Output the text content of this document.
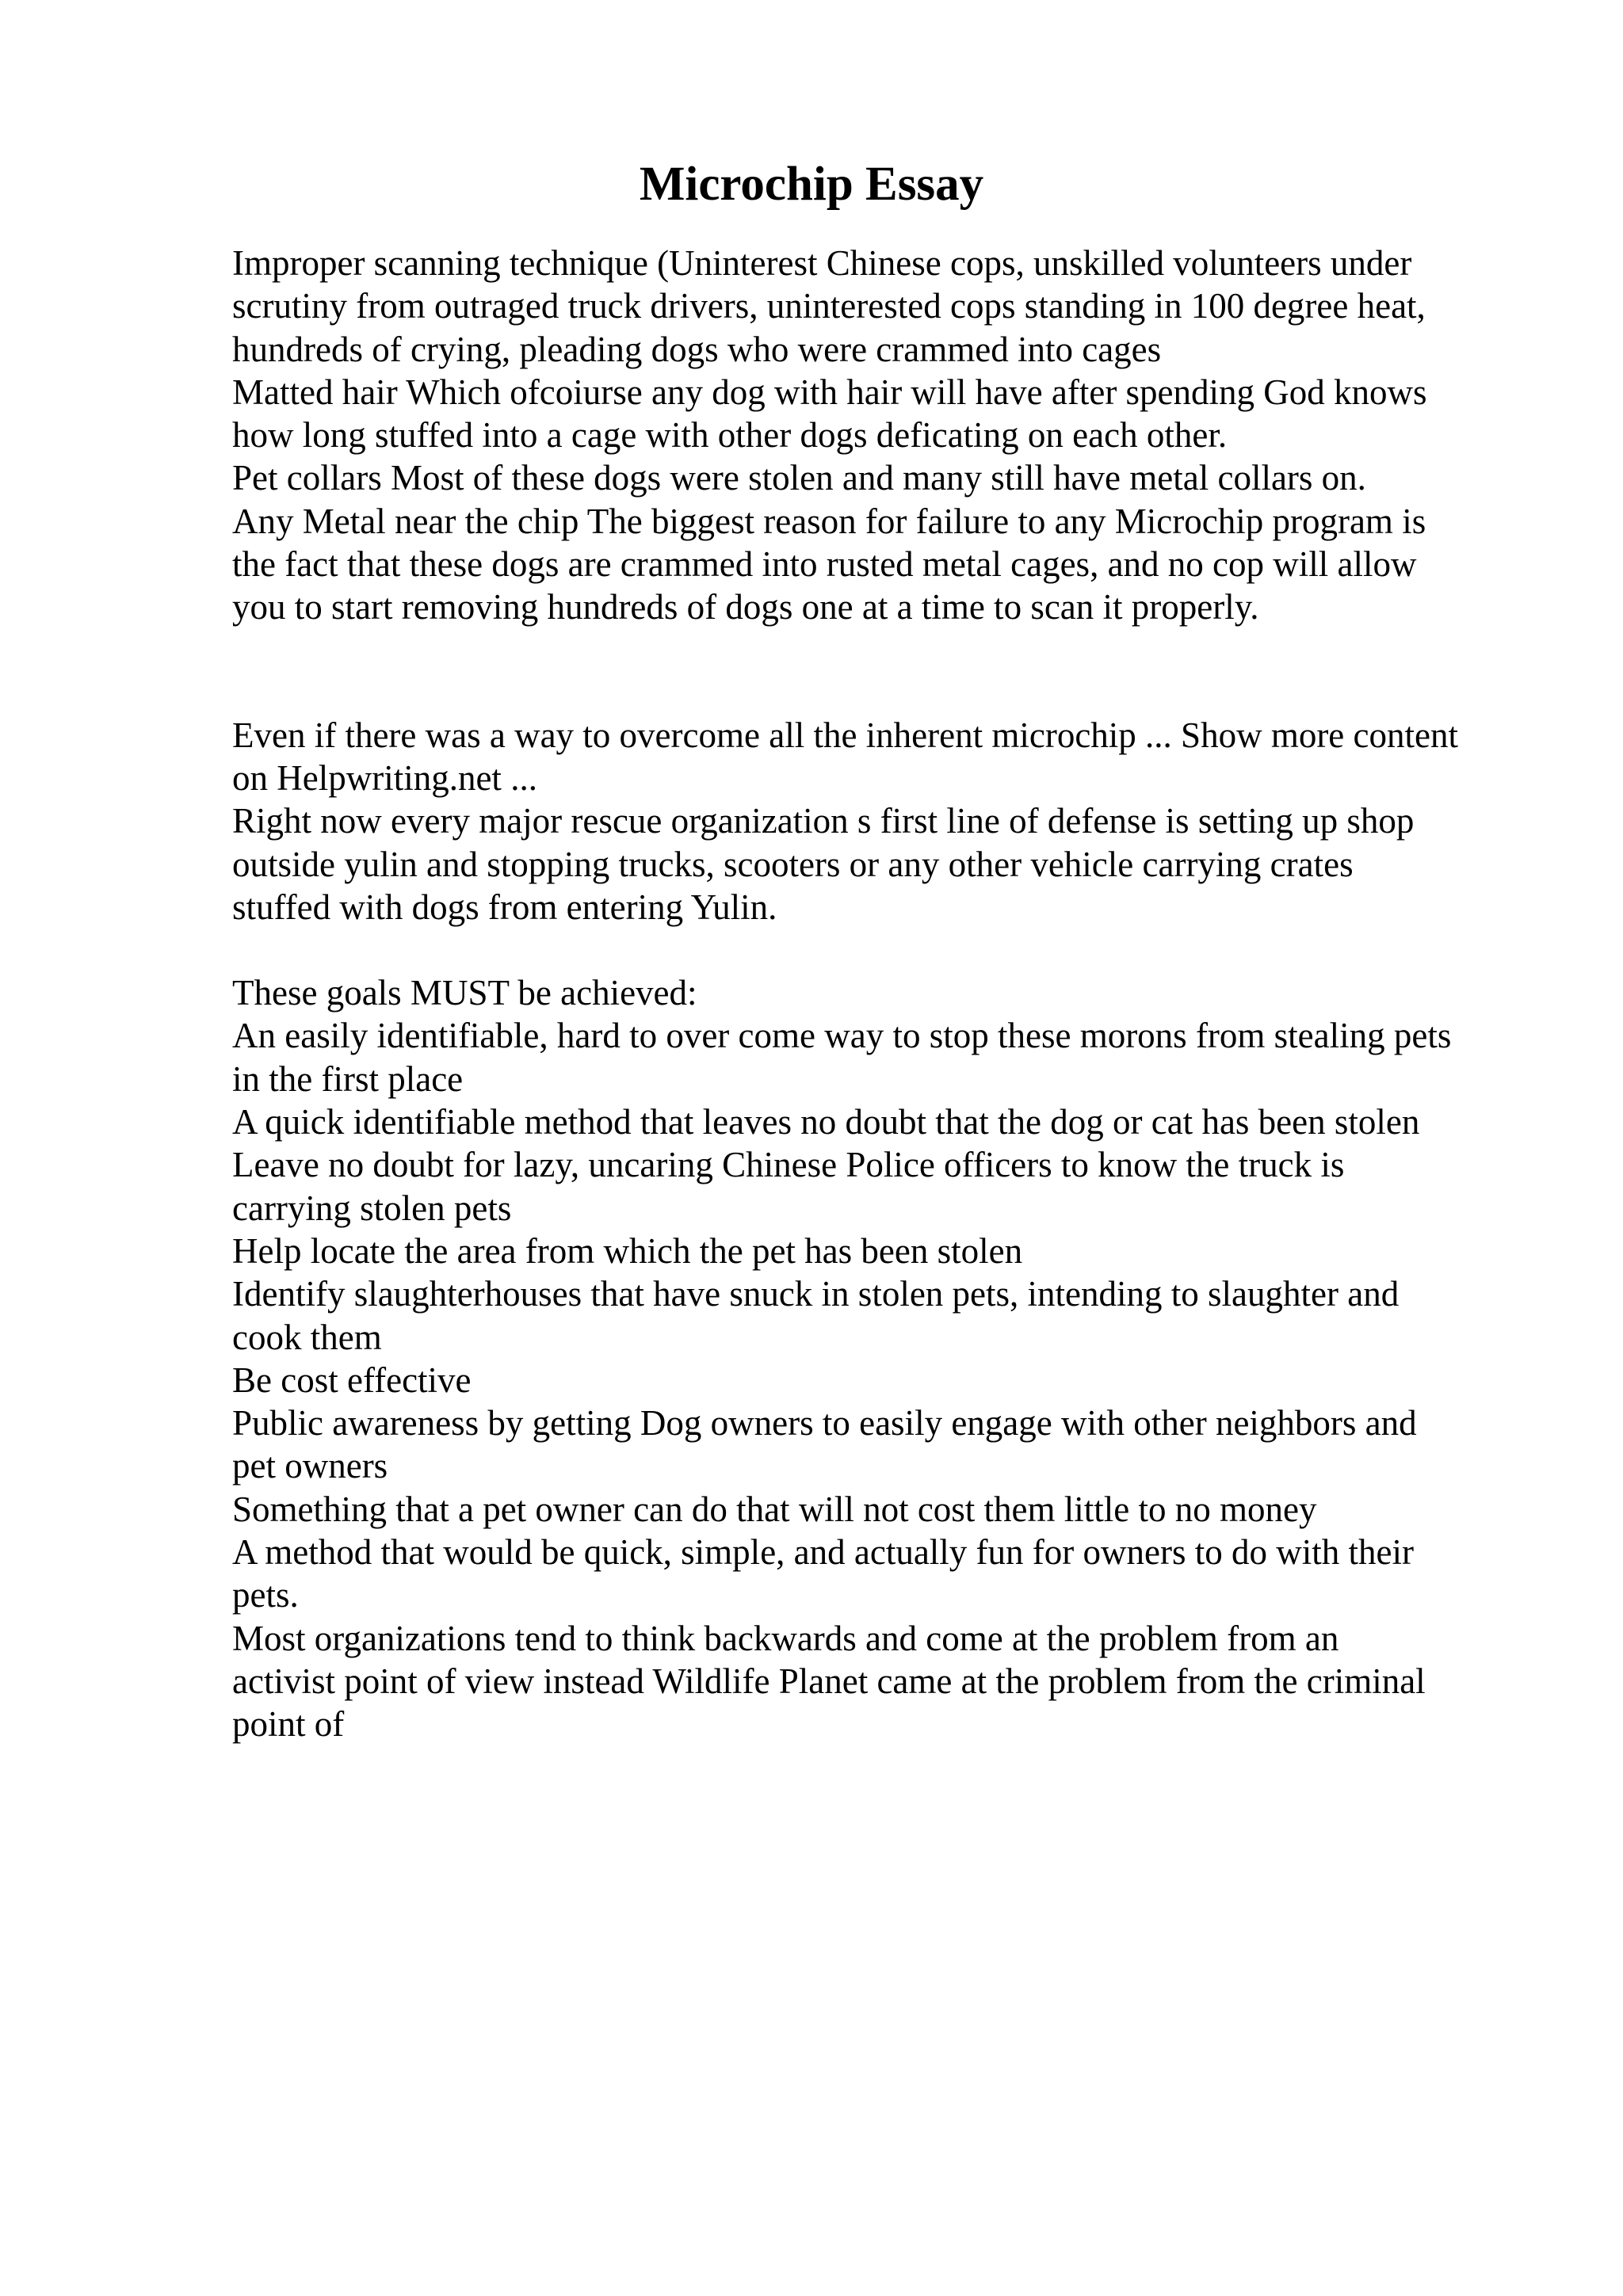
Microchip Essay
Improper scanning technique (Uninterest Chinese cops, unskilled volunteers under
scrutiny from outraged truck drivers, uninterested cops standing in 100 degree heat,
hundreds of crying, pleading dogs who were crammed into cages
Matted hair Which ofcoiurse any dog with hair will have after spending God knows
how long stuffed into a cage with other dogs deficating on each other.
Pet collars Most of these dogs were stolen and many still have metal collars on.
Any Metal near the chip The biggest reason for failure to any Microchip program is
the fact that these dogs are crammed into rusted metal cages, and no cop will allow
you to start removing hundreds of dogs one at a time to scan it properly.
Even if there was a way to overcome all the inherent microchip ... Show more content
on Helpwriting.net ...
Right now every major rescue organization s first line of defense is setting up shop
outside yulin and stopping trucks, scooters or any other vehicle carrying crates
stuffed with dogs from entering Yulin.
These goals MUST be achieved:
An easily identifiable, hard to over come way to stop these morons from stealing pets
in the first place
A quick identifiable method that leaves no doubt that the dog or cat has been stolen
Leave no doubt for lazy, uncaring Chinese Police officers to know the truck is
carrying stolen pets
Help locate the area from which the pet has been stolen
Identify slaughterhouses that have snuck in stolen pets, intending to slaughter and
cook them
Be cost effective
Public awareness by getting Dog owners to easily engage with other neighbors and
pet owners
Something that a pet owner can do that will not cost them little to no money
A method that would be quick, simple, and actually fun for owners to do with their
pets.
Most organizations tend to think backwards and come at the problem from an
activist point of view instead Wildlife Planet came at the problem from the criminal
point of
